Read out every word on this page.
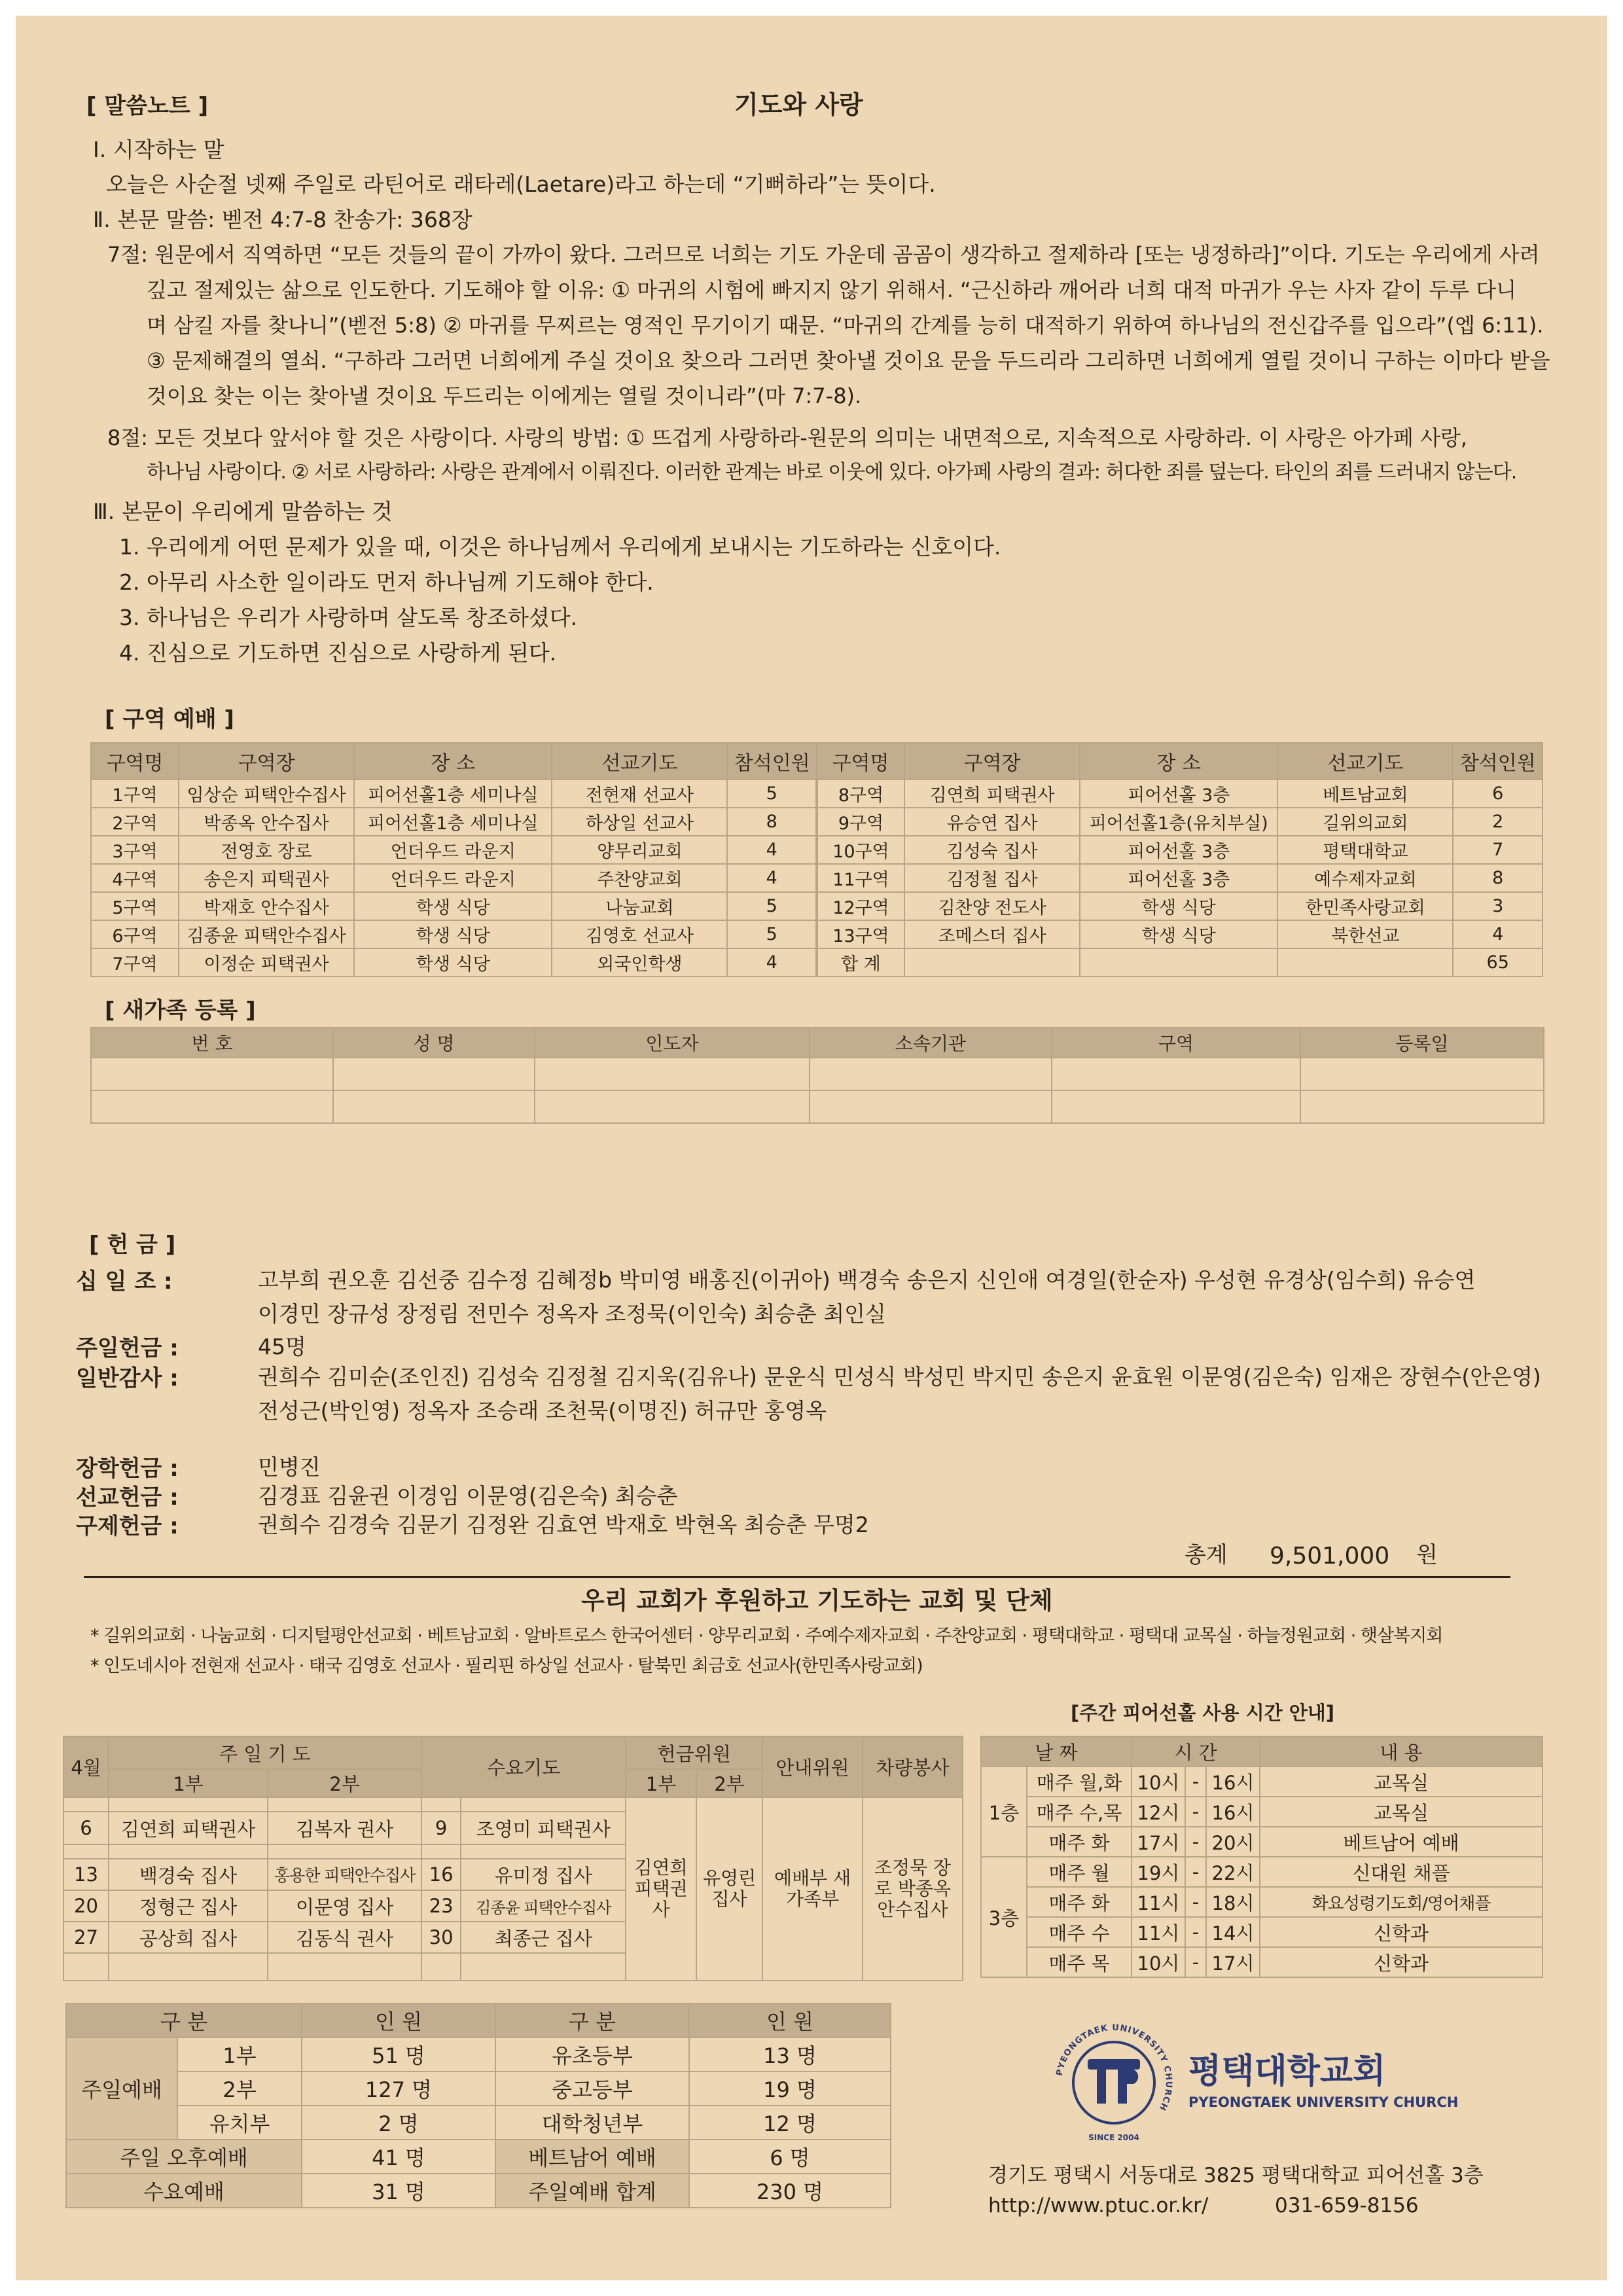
[ 말씀노트 ]	기도와 사랑
Ⅰ. 시작하는 말
오늘은 사순절 넷째 주일로 라틴어로 래타레(Laetare)라고 하는데 “기뻐하라”는 뜻이다.
Ⅱ. 본문 말씀: 벧전 4:7-8 찬송가: 368장
7절: 원문에서 직역하면 “모든 것들의 끝이 가까이 왔다. 그러므로 너희는 기도 가운데 곰곰이 생각하고 절제하라 [또는 냉정하라]”이다. 기도는 우리에게 사려
깊고 절제있는 삶으로 인도한다. 기도해야 할 이유: ① 마귀의 시험에 빠지지 않기 위해서. “근신하라 깨어라 너희 대적 마귀가 우는 사자 같이 두루 다니
며 삼킬 자를 찾나니”(벧전 5:8) ② 마귀를 무찌르는 영적인 무기이기 때문. “마귀의 간계를 능히 대적하기 위하여 하나님의 전신갑주를 입으라”(엡 6:11).
③ 문제해결의 열쇠. “구하라 그러면 너희에게 주실 것이요 찾으라 그러면 찾아낼 것이요 문을 두드리라 그리하면 너희에게 열릴 것이니 구하는 이마다 받을
것이요 찾는 이는 찾아낼 것이요 두드리는 이에게는 열릴 것이니라”(마 7:7-8).
8절: 모든 것보다 앞서야 할 것은 사랑이다. 사랑의 방법: ① 뜨겁게 사랑하라-원문의 의미는 내면적으로, 지속적으로 사랑하라. 이 사랑은 아가페 사랑,
하나님 사랑이다. ② 서로 사랑하라: 사랑은 관계에서 이뤄진다. 이러한 관계는 바로 이웃에 있다. 아가페 사랑의 결과: 허다한 죄를 덮는다. 타인의 죄를 드러내지 않는다.
Ⅲ. 본문이 우리에게 말씀하는 것
1. 우리에게 어떤 문제가 있을 때, 이것은 하나님께서 우리에게 보내시는 기도하라는 신호이다.
2. 아무리 사소한 일이라도 먼저 하나님께 기도해야 한다.
3. 하나님은 우리가 사랑하며 살도록 창조하셨다.
4. 진심으로 기도하면 진심으로 사랑하게 된다.
[ 구역 예배 ]
구역명	구역장	장 소	선교기도	참석인원	구역명	구역장	장 소	선교기도	참석인원
1구역	임상순 피택안수집사	피어선홀1층 세미나실	전현재 선교사	5	8구역	김연희 피택권사	피어선홀 3층	베트남교회	6
2구역	박종옥 안수집사	피어선홀1층 세미나실	하상일 선교사	8	9구역	유승연 집사	피어선홀1층(유치부실)	길위의교회	2
3구역	전영호 장로	언더우드 라운지	양무리교회	4	10구역	김성숙 집사	피어선홀 3층	평택대학교	7
4구역	송은지 피택권사	언더우드 라운지	주찬양교회	4	11구역	김정철 집사	피어선홀 3층	예수제자교회	8
5구역	박재호 안수집사	학생 식당	나눔교회	5	12구역	김찬양 전도사	학생 식당	한민족사랑교회	3
6구역	김종윤 피택안수집사	학생 식당	김영호 선교사	5	13구역	조메스더 집사	학생 식당	북한선교	4
7구역	이정순 피택권사	학생 식당	외국인학생	4	합 계				65
[ 새가족 등록 ]
번 호	성 명	인도자	소속기관	구역	등록일

[ 헌 금 ]
십 일 조 :	고부희 권오훈 김선중 김수정 김혜정b 박미영 배홍진(이귀아) 백경숙 송은지 신인애 여경일(한순자) 우성현 유경상(임수희) 유승연
이경민 장규성 장정림 전민수 정옥자 조정묵(이인숙) 최승춘 최인실
주일헌금 :	45명
일반감사 :	권희수 김미순(조인진) 김성숙 김정철 김지욱(김유나) 문운식 민성식 박성민 박지민 송은지 윤효원 이문영(김은숙) 임재은 장현수(안은영)
전성근(박인영) 정옥자 조승래 조천묵(이명진) 허규만 홍영옥
장학헌금 :	민병진
선교헌금 :	김경표 김윤권 이경임 이문영(김은숙) 최승춘
구제헌금 :	권희수 김경숙 김문기 김정완 김효연 박재호 박현옥 최승춘 무명2
총계 9,501,000 원
우리 교회가 후원하고 기도하는 교회 및 단체
* 길위의교회 · 나눔교회 · 디지털평안선교회 · 베트남교회 · 알바트로스 한국어센터 · 양무리교회 · 주예수제자교회 · 주찬양교회 · 평택대학교 · 평택대 교목실 · 하늘정원교회 · 햇살복지회
* 인도네시아 전현재 선교사 · 태국 김영호 선교사 · 필리핀 하상일 선교사 · 탈북민 최금호 선교사(한민족사랑교회)
4월	주 일 기 도		수요기도		헌금위원		안내위원	차량봉사
	1부	2부			1부	2부		
					김연희 피택권사	유영린 집사	예배부 새가족부	조정묵 장로 박종옥 안수집사
6	김연희 피택권사	김복자 권사	9	조영미 피택권사				

13	백경숙 집사	홍용한 피택안수집사	16	유미정 집사				
20	정형근 집사	이문영 집사	23	김종윤 피택안수집사				
27	공상희 집사	김동식 권사	30	최종근 집사				

[주간 피어선홀 사용 시간 안내]
날 짜		시 간			내 용
1층	매주 월,화	10시	-	16시	교목실
	매주 수,목	12시	-	16시	교목실
	매주 화	17시	-	20시	베트남어 예배
3층	매주 월	19시	-	22시	신대원 채플
	매주 화	11시	-	18시	화요성령기도회/영어채플
	매주 수	11시	-	14시	신학과
	매주 목	10시	-	17시	신학과
구 분		인 원	구 분	인 원
주일예배	1부	51 명	유초등부	13 명
	2부	127 명	중고등부	19 명
	유치부	2 명	대학청년부	12 명
주일 오후예배		41 명	베트남어 예배	6 명
수요예배		31 명	주일예배 합계	230 명
PYEONGTAEK UNIVERSITY CHURCH
SINCE 2004
평택대학교회
PYEONGTAEK UNIVERSITY CHURCH
경기도 평택시 서동대로 3825 평택대학교 피어선홀 3층
http://www.ptuc.or.kr/	031-659-8156
